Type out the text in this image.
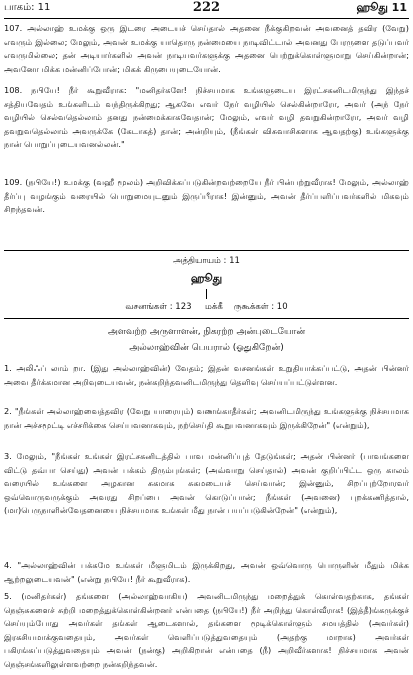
பாகம்: 11	222	ஹூது 11

107. அல்லாஹ் உமக்கு ஒரு இடரை அடையச் செய்தால் அதனை நீக்குகிறவன் அவனைத் தவிர (வேறு) எவரும் இல்லை; மேலும், அவன் உமக்கு யாதொரு நன்மையை நாடிவிட்டால் அவனது பேரருளை தடுப்பவர் எவருமில்லை; தன் அடியார்களில் அவன் நாடியவர்களுக்கு அதனை பெற்றுக்கொள்ளுமாறு செய்கின்றான்; அவனோ மிக்க மன்னிப்போன்; மிகக் கிருபையுடையோன்.

108. நபியே! நீர் கூறுவீராக: "மனிதர்களே! நிச்சயமாக உங்களுடைய இரட்சகனிடமிருந்து இந்தச் சத்தியவேதம் உங்களிடம் வந்திருக்கிறது; ஆகவே எவர் நேர் வழியில் செல்கின்றாரோ, அவர் (அந் நேர் வழியில் செல்வதெல்லாம் தனது நன்மைக்காகவேதான்; மேலும், எவர் வழி தவறுகின்றாரோ, அவர் வழி தவறுவதெல்லாம் அவருக்கே (கேடாகத்) தான்; அன்றியும், (நீங்கள் விசுவாசிகளாக ஆவதற்கு) உங்களுக்கு நான் பொறுப்புடையவனல்லன்."

109. (நபியே!) உமக்கு (வஹீ மூலம்) அறிவிக்கப்படுகின்றவற்றையே நீர் பின்பற்றுவீராக! மேலும், அல்லாஹ் தீர்ப்பு வழங்கும் வரையில் பொறுமையுடனும் இருப்பீராக! இன்னும், அவன் தீர்ப்பளிப்பவர்களில் மிகவும் சிறந்தவன்.

அத்தியாயம் : 11
ஹூது
வசனங்கள் : 123 மக்கீ ருகூக்கள் : 10
அளவற்ற அருளாளன், நிகரற்ற அன்புடையோன்
அல்லாஹ்வின் பெயரால் (ஓதுகிறேன்)

1. அலிஃப் லாம் றா. (இது அல்லாஹ்வின்) வேதம்; இதன் வசனங்கள் உறுதியாக்கப்பட்டு, அதன் பின்னர் அவை தீர்க்கமான அறிவுடையவன், நன்கறிந்தவனிடமிருந்து தெளிவு செய்யப்பட்டுள்ளன.

2. "நீங்கள் அல்லாஹ்வைத்தவிர (வேறு யாரையும்) வணங்காதீர்கள்; அவனிடமிருந்து உங்களுக்கு நிச்சயமாக நான் அச்சமூட்டி எச்சரிக்கை செய்பவனாகவும், நற்செய்தி கூறுபவனாகவும் இருக்கிறேன்" (என்றும்),

3. மேலும், "நீங்கள் உங்கள் இரட்சகனிடத்தில் பாவ மன்னிப்புத் தேடுங்கள்; அதன் பின்னர் (பாவங்களை விட்டு தவ்பா செய்து) அவன் பக்கம் திரும்புங்கள்; (அவ்வாறு செய்தால்) அவன் குறிப்பிட்ட ஒரு காலம் வரையில் உங்களை அழகான சுகமாக சுகமடையச் செய்வான்; இன்னும், சிறப்புற்றோரவர் ஒவ்வொருவருக்கும் அவரது சிறப்பை அவன் கொடுப்பான்; நீங்கள் (அவனை) புறக்கணித்தால், (மா)பெருநாளின்வேதனையை நிச்சயமாக உங்கள் மீது நான் பயப்படுகின்றேன்" (என்றும்),

4. "அல்லாஹ்வின் பக்கமே உங்கள் மீளுமிடம் இருக்கிறது, அவன் ஒவ்வொரு பொருளின் மீதும் மிக்க ஆற்றலுடையவன்" (என்று நபியே! நீர் கூறுவீராக).

5. (மனிதர்கள்) தங்களை (அல்லாஹ்வாகிய) அவனிடமிருந்து மறைத்துக் கொள்வதற்காக, தங்கள் நெஞ்சுகளைச் சுற்றி மறைத்துக்கொள்கின்றனர் என்பதை (நபியே!) நீர் அறிந்து கொள்வீராக! (இத்தீ)ங்கருக்குச் செய்யும்போது அவர்கள் தங்கள் ஆடைகளால், தங்களை மூடிக்கொள்ளும் சமயத்தில் (அவர்கள்) இரகசியமாக்குவதையும், அவர்கள் வெளிப்படுத்துவதையும் (அதற்கு மாறாக) அவர்கள் பகிரங்கப்படுத்துவதையும் அவன் (நன்கு) அறிகிறான் என்பதை (நீ) அறிவீர்களாக! நிச்சயமாக அவன் நெஞ்சங்களிலுள்ளவற்றை நன்கறிந்தவன்.
